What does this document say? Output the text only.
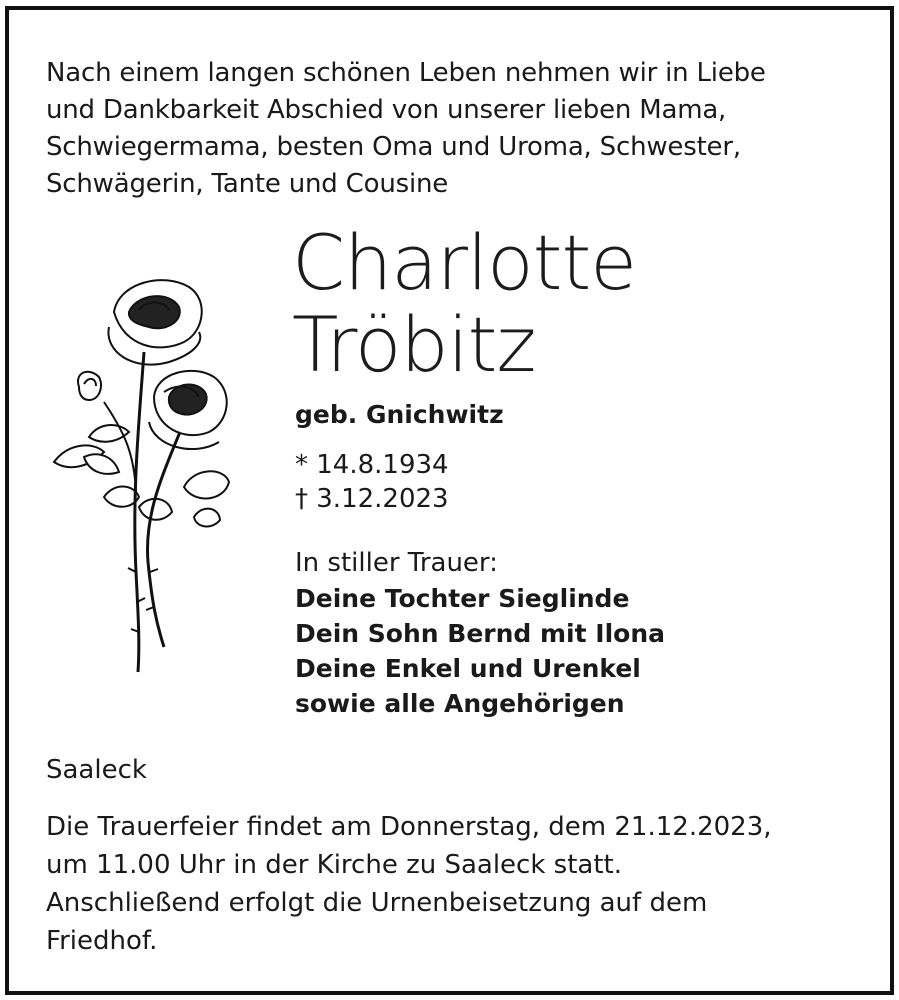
Nach einem langen schönen Leben nehmen wir in Liebe
und Dankbarkeit Abschied von unserer lieben Mama,
Schwiegermama, besten Oma und Uroma, Schwester,
Schwägerin, Tante und Cousine
Charlotte
Tröbitz
geb. Gnichwitz
* 14.8.1934
† 3.12.2023
In stiller Trauer:
Deine Tochter Sieglinde
Dein Sohn Bernd mit Ilona
Deine Enkel und Urenkel
sowie alle Angehörigen
Saaleck
Die Trauerfeier findet am Donnerstag, dem 21.12.2023,
um 11.00 Uhr in der Kirche zu Saaleck statt.
Anschließend erfolgt die Urnenbeisetzung auf dem
Friedhof.
